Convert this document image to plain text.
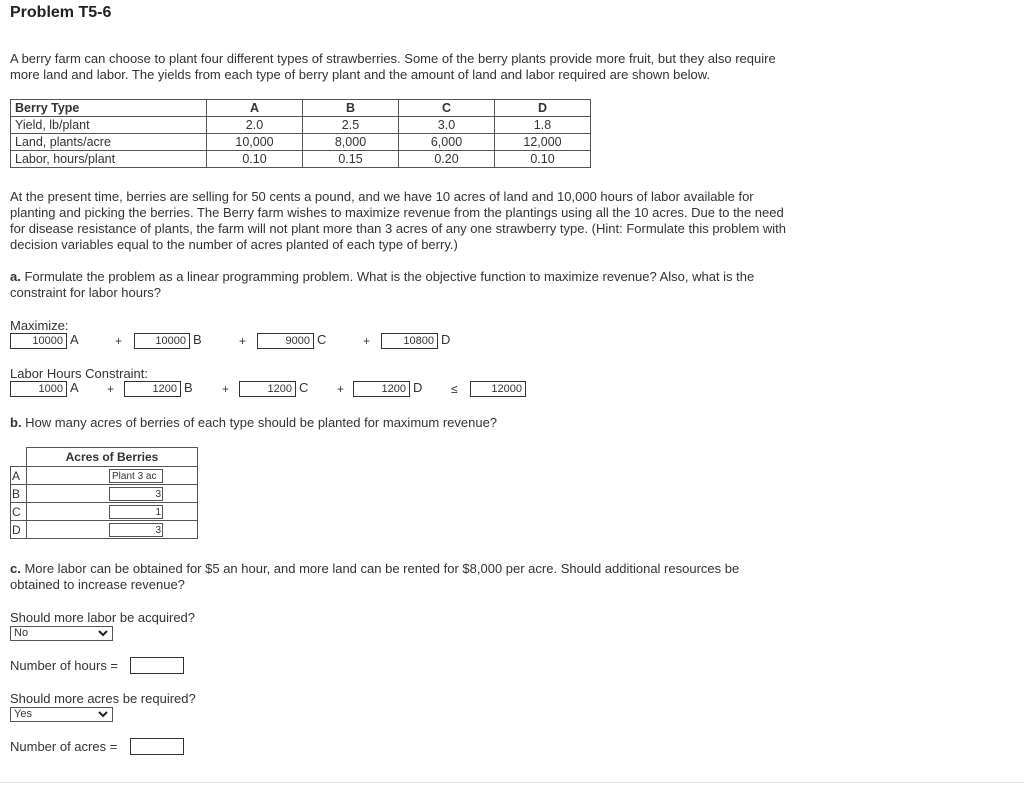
Problem T5-6
A berry farm can choose to plant four different types of strawberries. Some of the berry plants provide more fruit, but they also require
more land and labor. The yields from each type of berry plant and the amount of land and labor required are shown below.
Berry Type	A	B	C	D
Yield, lb/plant	2.0	2.5	3.0	1.8
Land, plants/acre	10,000	8,000	6,000	12,000
Labor, hours/plant	0.10	0.15	0.20	0.10
At the present time, berries are selling for 50 cents a pound, and we have 10 acres of land and 10,000 hours of labor available for
planting and picking the berries. The Berry farm wishes to maximize revenue from the plantings using all the 10 acres. Due to the need
for disease resistance of plants, the farm will not plant more than 3 acres of any one strawberry type. (Hint: Formulate this problem with
decision variables equal to the number of acres planted of each type of berry.)
a. Formulate the problem as a linear programming problem. What is the objective function to maximize revenue? Also, what is the
constraint for labor hours?
Maximize:
10000 A	+	10000 B	+	9000 C	+	10800 D
Labor Hours Constraint:
1000 A +	1200 B +	1200 C +	1200 D ≤	12000
b. How many acres of berries of each type should be planted for maximum revenue?
	Acres of Berries
A	Plant 3 ac

B	3

C	1

D	3
c. More labor can be obtained for $5 an hour, and more land can be rented for $8,000 per acre. Should additional resources be
obtained to increase revenue?
Should more labor be acquired?
No
Number of hours =
Should more acres be required?
Yes
Number of acres =
